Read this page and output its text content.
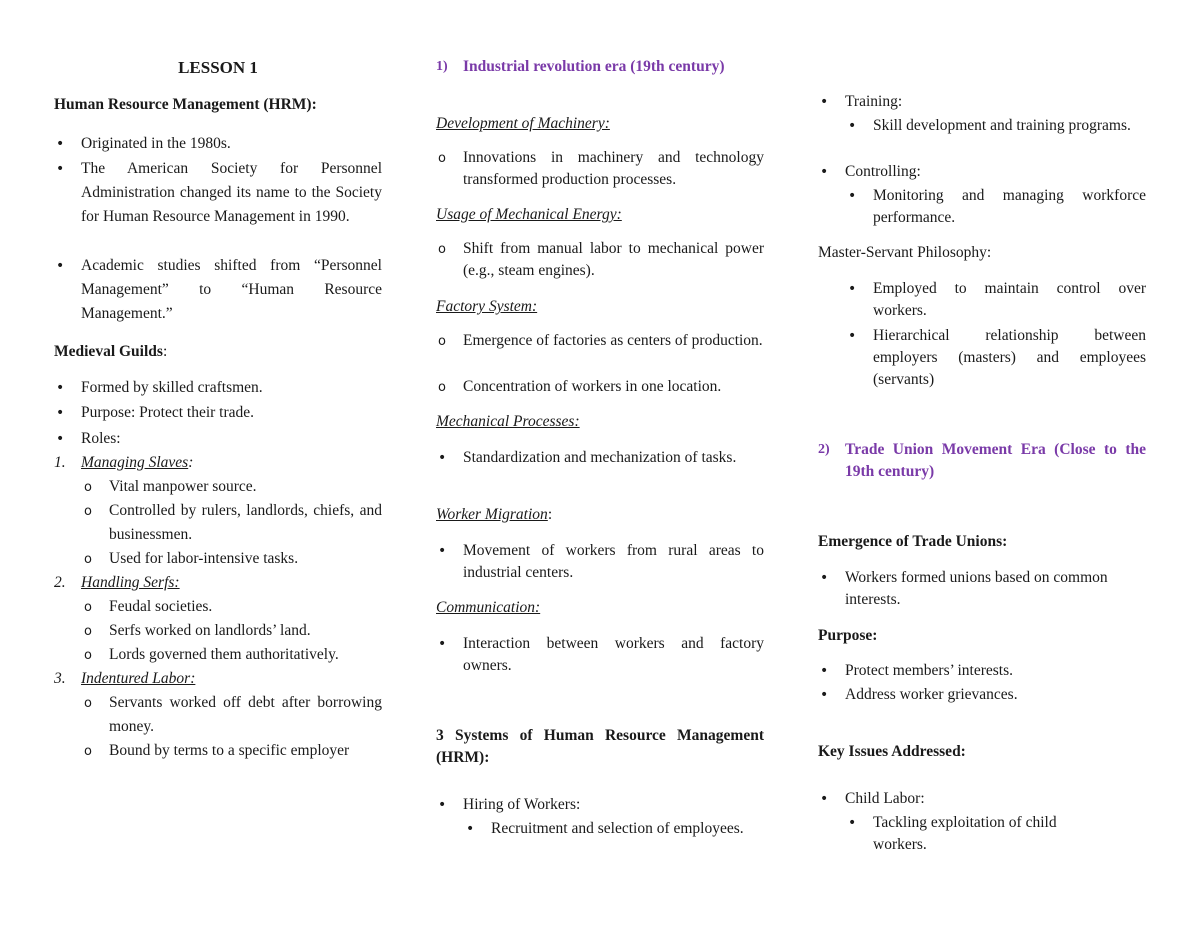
LESSON 1
Human Resource Management (HRM):
• Originated in the 1980s.
• The American Society for Personnel Administration changed its name to the Society for Human Resource Management in 1990.
• Academic studies shifted from “Personnel Management” to “Human Resource Management.”
Medieval Guilds:
• Formed by skilled craftsmen.
• Purpose: Protect their trade.
• Roles:
1. Managing Slaves:
o Vital manpower source.
o Controlled by rulers, landlords, chiefs, and businessmen.
o Used for labor-intensive tasks.
2. Handling Serfs:
o Feudal societies.
o Serfs worked on landlords’ land.
o Lords governed them authoritatively.
3. Indentured Labor:
o Servants worked off debt after borrowing money.
o Bound by terms to a specific employer
1) Industrial revolution era (19th century)
Development of Machinery:
o Innovations in machinery and technology transformed production processes.
Usage of Mechanical Energy:
o Shift from manual labor to mechanical power (e.g., steam engines).
Factory System:
o Emergence of factories as centers of production.
o Concentration of workers in one location.
Mechanical Processes:
• Standardization and mechanization of tasks.
Worker Migration:
• Movement of workers from rural areas to industrial centers.
Communication:
• Interaction between workers and factory owners.
3 Systems of Human Resource Management (HRM):
• Hiring of Workers:
• Recruitment and selection of employees.
• Training:
• Skill development and training programs.
• Controlling:
• Monitoring and managing workforce performance.
Master-Servant Philosophy:
• Employed to maintain control over workers.
• Hierarchical relationship between employers (masters) and employees (servants)
2) Trade Union Movement Era (Close to the 19th century)
Emergence of Trade Unions:
• Workers formed unions based on common interests.
Purpose:
• Protect members’ interests.
• Address worker grievances.
Key Issues Addressed:
• Child Labor:
• Tackling exploitation of child workers.
